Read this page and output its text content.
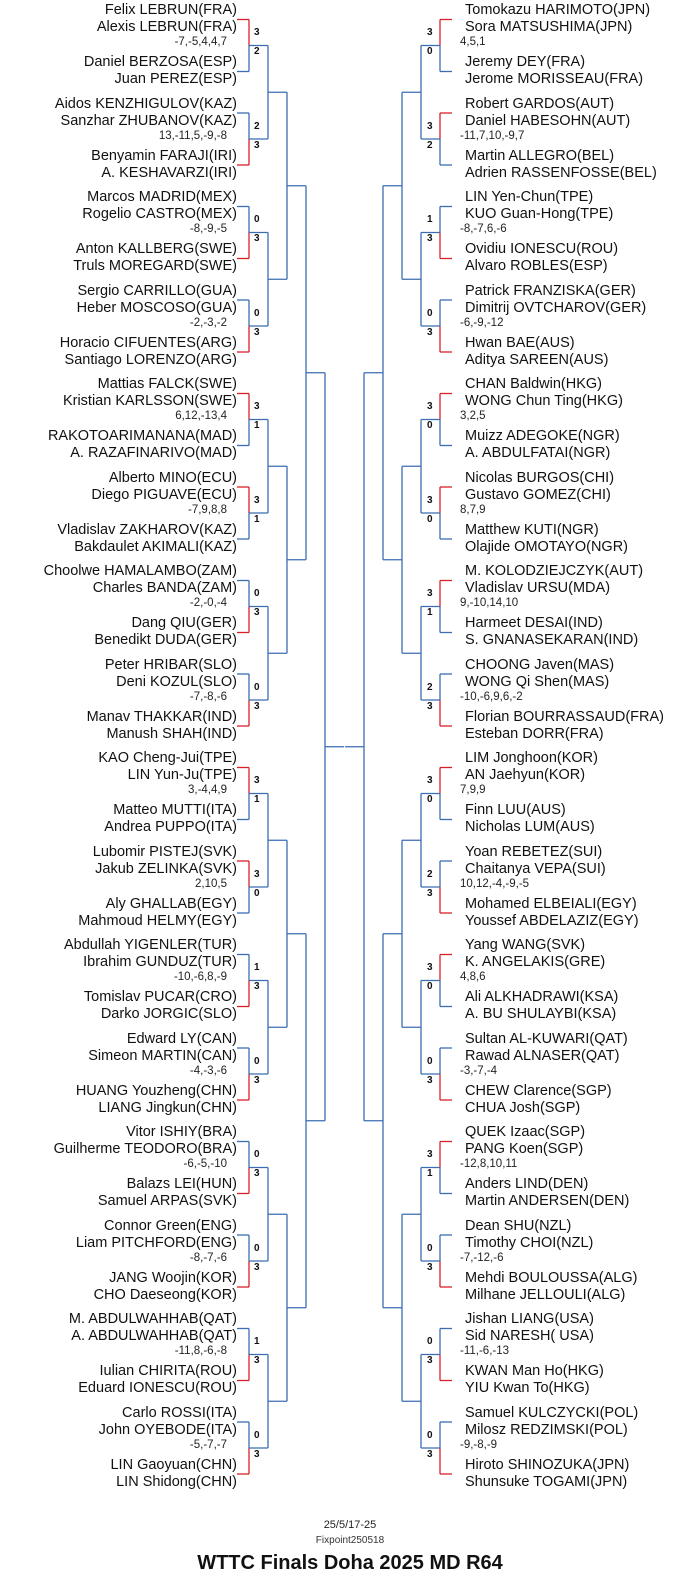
Felix LEBRUN(FRA)
Alexis LEBRUN(FRA)
Daniel BERZOSA(ESP)
Juan PEREZ(ESP)
-7,-5,4,4,7
3
2
Aidos KENZHIGULOV(KAZ)
Sanzhar ZHUBANOV(KAZ)
Benyamin FARAJI(IRI)
A. KESHAVARZI(IRI)
13,-11,5,-9,-8
2
3
Marcos MADRID(MEX)
Rogelio CASTRO(MEX)
Anton KALLBERG(SWE)
Truls MOREGARD(SWE)
-8,-9,-5
0
3
Sergio CARRILLO(GUA)
Heber MOSCOSO(GUA)
Horacio CIFUENTES(ARG)
Santiago LORENZO(ARG)
-2,-3,-2
0
3
Mattias FALCK(SWE)
Kristian KARLSSON(SWE)
RAKOTOARIMANANA(MAD)
A. RAZAFINARIVO(MAD)
6,12,-13,4
3
1
Alberto MINO(ECU)
Diego PIGUAVE(ECU)
Vladislav ZAKHAROV(KAZ)
Bakdaulet AKIMALI(KAZ)
-7,9,8,8
3
1
Choolwe HAMALAMBO(ZAM)
Charles BANDA(ZAM)
Dang QIU(GER)
Benedikt DUDA(GER)
-2,-0,-4
0
3
Peter HRIBAR(SLO)
Deni KOZUL(SLO)
Manav THAKKAR(IND)
Manush SHAH(IND)
-7,-8,-6
0
3
KAO Cheng-Jui(TPE)
LIN Yun-Ju(TPE)
Matteo MUTTI(ITA)
Andrea PUPPO(ITA)
3,-4,4,9
3
1
Lubomir PISTEJ(SVK)
Jakub ZELINKA(SVK)
Aly GHALLAB(EGY)
Mahmoud HELMY(EGY)
2,10,5
3
0
Abdullah YIGENLER(TUR)
Ibrahim GUNDUZ(TUR)
Tomislav PUCAR(CRO)
Darko JORGIC(SLO)
-10,-6,8,-9
1
3
Edward LY(CAN)
Simeon MARTIN(CAN)
HUANG Youzheng(CHN)
LIANG Jingkun(CHN)
-4,-3,-6
0
3
Vitor ISHIY(BRA)
Guilherme TEODORO(BRA)
Balazs LEI(HUN)
Samuel ARPAS(SVK)
-6,-5,-10
0
3
Connor Green(ENG)
Liam PITCHFORD(ENG)
JANG Woojin(KOR)
CHO Daeseong(KOR)
-8,-7,-6
0
3
M. ABDULWAHHAB(QAT)
A. ABDULWAHHAB(QAT)
Iulian CHIRITA(ROU)
Eduard IONESCU(ROU)
-11,8,-6,-8
1
3
Carlo ROSSI(ITA)
John OYEBODE(ITA)
LIN Gaoyuan(CHN)
LIN Shidong(CHN)
-5,-7,-7
0
3
Tomokazu HARIMOTO(JPN)
Sora MATSUSHIMA(JPN)
Jeremy DEY(FRA)
Jerome MORISSEAU(FRA)
4,5,1
3
0
Robert GARDOS(AUT)
Daniel HABESOHN(AUT)
Martin ALLEGRO(BEL)
Adrien RASSENFOSSE(BEL)
-11,7,10,-9,7
3
2
LIN Yen-Chun(TPE)
KUO Guan-Hong(TPE)
Ovidiu IONESCU(ROU)
Alvaro ROBLES(ESP)
-8,-7,6,-6
1
3
Patrick FRANZISKA(GER)
Dimitrij OVTCHAROV(GER)
Hwan BAE(AUS)
Aditya SAREEN(AUS)
-6,-9,-12
0
3
CHAN Baldwin(HKG)
WONG Chun Ting(HKG)
Muizz ADEGOKE(NGR)
A. ABDULFATAI(NGR)
3,2,5
3
0
Nicolas BURGOS(CHI)
Gustavo GOMEZ(CHI)
Matthew KUTI(NGR)
Olajide OMOTAYO(NGR)
8,7,9
3
0
M. KOLODZIEJCZYK(AUT)
Vladislav URSU(MDA)
Harmeet DESAI(IND)
S. GNANASEKARAN(IND)
9,-10,14,10
3
1
CHOONG Javen(MAS)
WONG Qi Shen(MAS)
Florian BOURRASSAUD(FRA)
Esteban DORR(FRA)
-10,-6,9,6,-2
2
3
LIM Jonghoon(KOR)
AN Jaehyun(KOR)
Finn LUU(AUS)
Nicholas LUM(AUS)
7,9,9
3
0
Yoan REBETEZ(SUI)
Chaitanya VEPA(SUI)
Mohamed ELBEIALI(EGY)
Youssef ABDELAZIZ(EGY)
10,12,-4,-9,-5
2
3
Yang WANG(SVK)
K. ANGELAKIS(GRE)
Ali ALKHADRAWI(KSA)
A. BU SHULAYBI(KSA)
4,8,6
3
0
Sultan AL-KUWARI(QAT)
Rawad ALNASER(QAT)
CHEW Clarence(SGP)
CHUA Josh(SGP)
-3,-7,-4
0
3
QUEK Izaac(SGP)
PANG Koen(SGP)
Anders LIND(DEN)
Martin ANDERSEN(DEN)
-12,8,10,11
3
1
Dean SHU(NZL)
Timothy CHOI(NZL)
Mehdi BOULOUSSA(ALG)
Milhane JELLOULI(ALG)
-7,-12,-6
0
3
Jishan LIANG(USA)
Sid NARESH( USA)
KWAN Man Ho(HKG)
YIU Kwan To(HKG)
-11,-6,-13
0
3
Samuel KULCZYCKI(POL)
Milosz REDZIMSKI(POL)
Hiroto SHINOZUKA(JPN)
Shunsuke TOGAMI(JPN)
-9,-8,-9
0
3
25/5/17-25
Fixpoint250518
WTTC Finals Doha 2025 MD R64
